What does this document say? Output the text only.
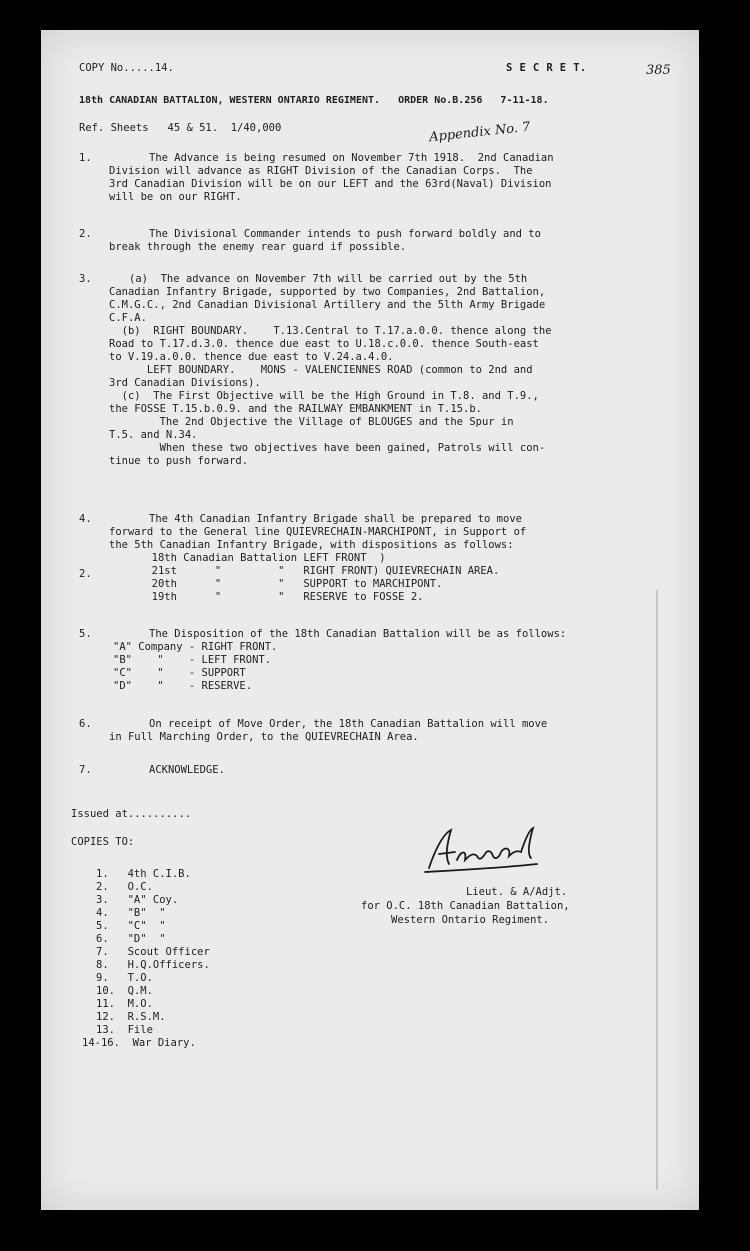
COPY No.....14.	S E C R E T.	385
18th CANADIAN BATTALION, WESTERN ONTARIO REGIMENT.   ORDER No.B.256   7-11-18.
Ref. Sheets   45 & 51.  1/40,000	Appendix No. 7
1.	The Advance is being resumed on November 7th 1918.  2nd Canadian
Division will advance as RIGHT Division of the Canadian Corps.  The
3rd Canadian Division will be on our LEFT and the 63rd(Naval) Division
will be on our RIGHT.
2.	The Divisional Commander intends to push forward boldly and to
break through the enemy rear guard if possible.
3.	(a)  The advance on November 7th will be carried out by the 5th
Canadian Infantry Brigade, supported by two Companies, 2nd Battalion,
C.M.G.C., 2nd Canadian Divisional Artillery and the 5lth Army Brigade
C.F.A.
(b)  RIGHT BOUNDARY.    T.13.Central to T.17.a.0.0. thence along the
Road to T.17.d.3.0. thence due east to U.18.c.0.0. thence South-east
to V.19.a.0.0. thence due east to V.24.a.4.0.
LEFT BOUNDARY.    MONS - VALENCIENNES ROAD (common to 2nd and
3rd Canadian Divisions).
(c)  The First Objective will be the High Ground in T.8. and T.9.,
the FOSSE T.15.b.0.9. and the RAILWAY EMBANKMENT in T.15.b.
The 2nd Objective the Village of BLOUGES and the Spur in
T.5. and N.34.
When these two objectives have been gained, Patrols will con-
tinue to push forward.
4.	The 4th Canadian Infantry Brigade shall be prepared to move
forward to the General line QUIEVRECHAIN-MARCHIPONT, in Support of
the 5th Canadian Infantry Brigade, with dispositions as follows:
18th Canadian Battalion LEFT FRONT  )
21st      "         "   RIGHT FRONT) QUIEVRECHAIN AREA.
20th      "         "   SUPPORT to MARCHIPONT.
19th      "         "   RESERVE to FOSSE 2.
2.
5.	The Disposition of the 18th Canadian Battalion will be as follows:
"A" Company - RIGHT FRONT.
"B"    "    - LEFT FRONT.
"C"    "    - SUPPORT
"D"    "    - RESERVE.
6.	On receipt of Move Order, the 18th Canadian Battalion will move
in Full Marching Order, to the QUIEVRECHAIN Area.
7.	ACKNOWLEDGE.
Issued at..........
COPIES TO:
1.   4th C.I.B.
2.   O.C.
3.   "A" Coy.
4.   "B"  "
5.   "C"  "
6.   "D"  "
7.   Scout Officer
8.   H.Q.Officers.
9.   T.O.
10.  Q.M.
11.  M.O.
12.  R.S.M.
13.  File
14-16.  War Diary.
Lieut. & A/Adjt.
for O.C. 18th Canadian Battalion,
Western Ontario Regiment.
